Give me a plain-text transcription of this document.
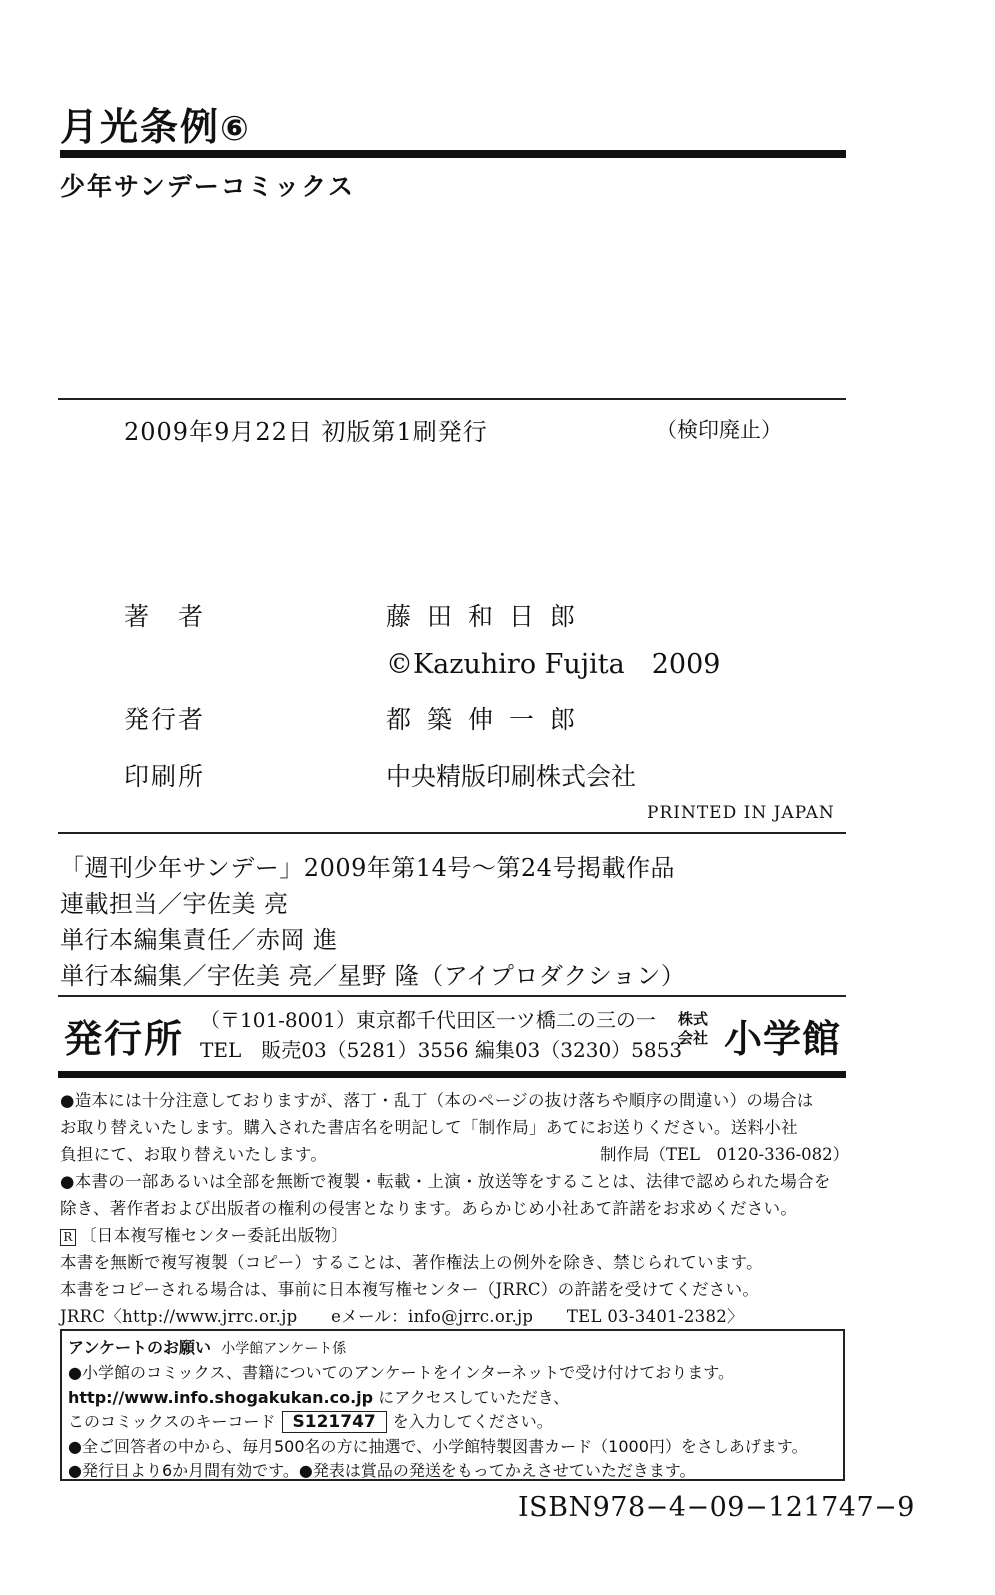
月光条例⑥
少年サンデーコミックス
2009年9月22日 初版第1刷発行	（検印廃止）
著　者	藤田和日郎
©Kazuhiro Fujita　2009
発行者	都築伸一郎
印刷所	中央精版印刷株式会社
PRINTED IN JAPAN
「週刊少年サンデー」2009年第14号〜第24号掲載作品
連載担当／宇佐美 亮
単行本編集責任／赤岡 進
単行本編集／宇佐美 亮／星野 隆（アイプロダクション）
発行所 （〒101-8001）東京都千代田区一ツ橋二の三の一
TEL　販売03（5281）3556 編集03（3230）5853
株式会社 小学館
●造本には十分注意しておりますが、落丁・乱丁（本のページの抜け落ちや順序の間違い）の場合は
お取り替えいたします。購入された書店名を明記して「制作局」あてにお送りください。送料小社
負担にて、お取り替えいたします。	制作局（TEL　0120-336-082）
●本書の一部あるいは全部を無断で複製・転載・上演・放送等をすることは、法律で認められた場合を
除き、著作者および出版者の権利の侵害となります。あらかじめ小社あて許諾をお求めください。
R 〔日本複写権センター委託出版物〕
本書を無断で複写複製（コピー）することは、著作権法上の例外を除き、禁じられています。
本書をコピーされる場合は、事前に日本複写権センター（JRRC）の許諾を受けてください。
JRRC〈http://www.jrrc.or.jp　　eメール：info@jrrc.or.jp　　TEL 03-3401-2382〉
アンケートのお願い 小学館アンケート係
●小学館のコミックス、書籍についてのアンケートをインターネットで受け付けております。
http://www.info.shogakukan.co.jp にアクセスしていただき、
このコミックスのキーコード S121747 を入力してください。
●全ご回答者の中から、毎月500名の方に抽選で、小学館特製図書カード（1000円）をさしあげます。
●発行日より6か月間有効です。●発表は賞品の発送をもってかえさせていただきます。
ISBN978−4−09−121747−9
